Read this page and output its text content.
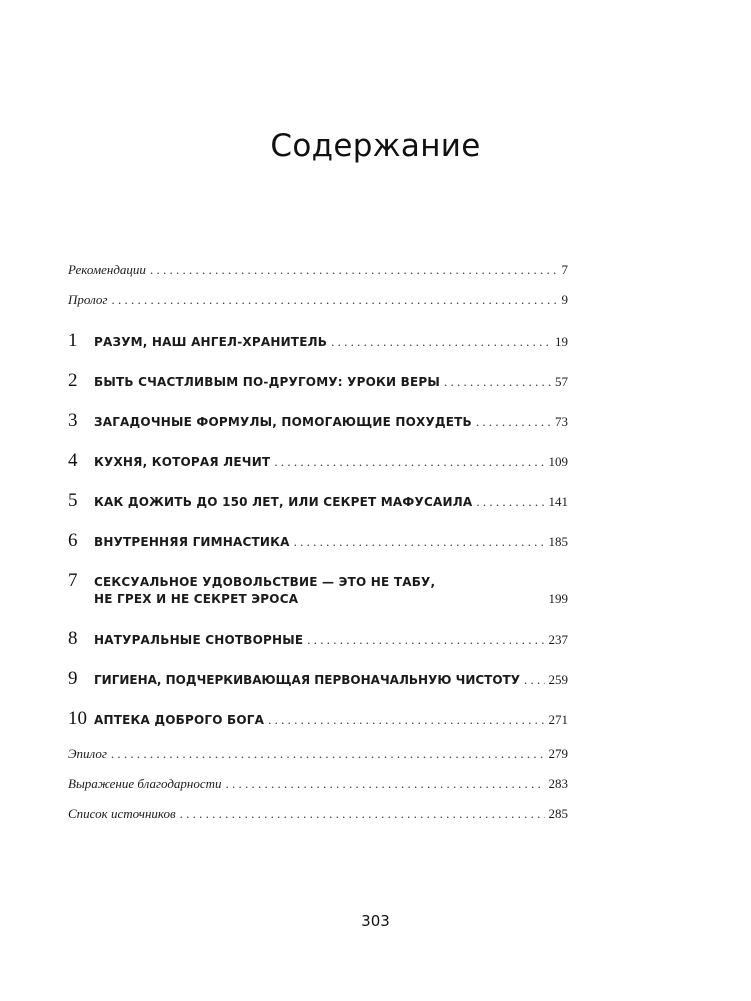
Содержание
Рекомендации . . .	7
Пролог . . .	9
1	РАЗУМ, НАШ АНГЕЛ-ХРАНИТЕЛЬ . . .	19
2	БЫТЬ СЧАСТЛИВЫМ ПО-ДРУГОМУ: УРОКИ ВЕРЫ . . .	57
3	ЗАГАДОЧНЫЕ ФОРМУЛЫ, ПОМОГАЮЩИЕ ПОХУДЕТЬ . . .	73
4	КУХНЯ, КОТОРАЯ ЛЕЧИТ . . .	109
5	КАК ДОЖИТЬ ДО 150 ЛЕТ, ИЛИ СЕКРЕТ МАФУСАИЛА . . .	141
6	ВНУТРЕННЯЯ ГИМНАСТИКА . . .	185
7	СЕКСУАЛЬНОЕ УДОВОЛЬСТВИЕ — ЭТО НЕ ТАБУ,
НЕ ГРЕХ И НЕ СЕКРЕТ ЭРОСА	199
8	НАТУРАЛЬНЫЕ СНОТВОРНЫЕ . . .	237
9	ГИГИЕНА, ПОДЧЕРКИВАЮЩАЯ ПЕРВОНАЧАЛЬНУЮ ЧИСТОТУ . . . 259
10 АПТЕКА ДОБРОГО БОГА . . .	271
Эпилог . . .	279
Выражение благодарности . . .	283
Список источников . . .	285
303
